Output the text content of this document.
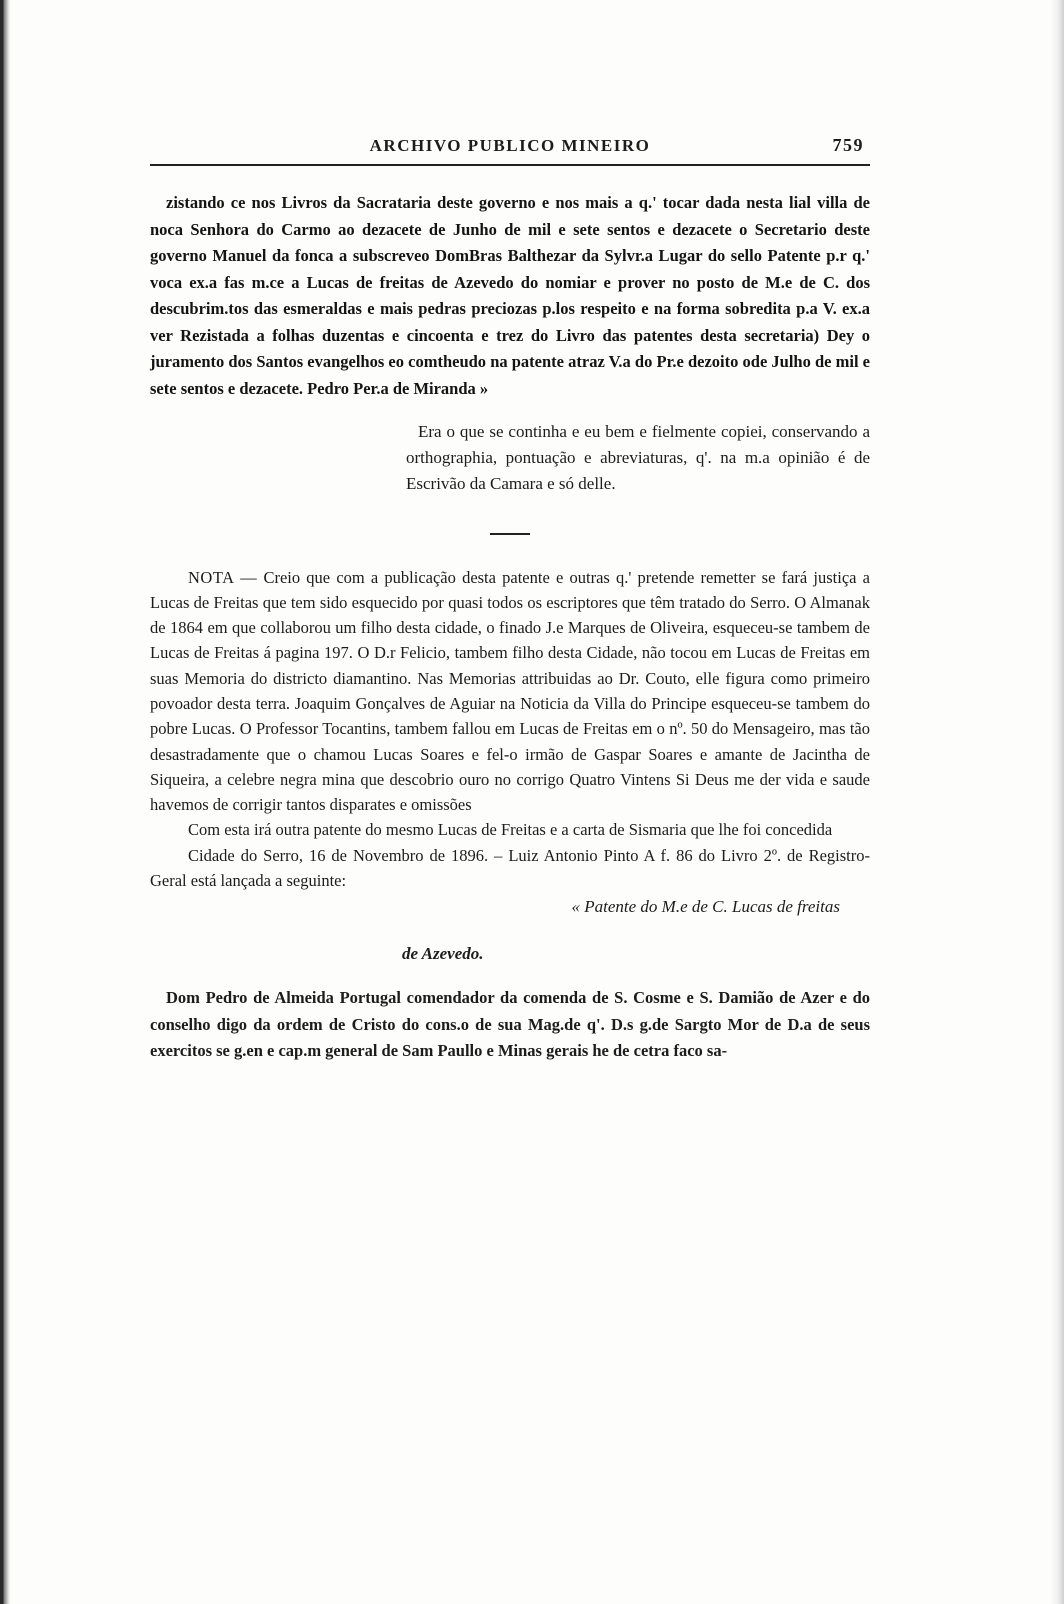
ARCHIVO PUBLICO MINEIRO	759

zistando ce nos Livros da Sacrataria deste governo e nos mais a q.' tocar dada nesta lial villa de noca Senhora do Carmo ao dezacete de Junho de mil e sete sentos e dezacete o Secretario deste governo Manuel da fonca a subscreveo DomBras Balthezar da Sylvr.a Lugar do sello Patente p.r q.' voca ex.a fas m.ce a Lucas de freitas de Azevedo do nomiar e prover no posto de M.e de C. dos descubrim.tos das esmeraldas e mais pedras preciozas p.los respeito e na forma sobredita p.a V. ex.a ver Rezistada a folhas duzentas e cincoenta e trez do Livro das patentes desta secretaria) Dey o juramento dos Santos evangelhos eo comtheudo na patente atraz V.a do Pr.e dezoito ode Julho de mil e sete sentos e dezacete. Pedro Per.a de Miranda »

Era o que se continha e eu bem e fielmente copiei, conservando a orthographia, pontuação e abreviaturas, q'. na m.a opinião é de Escrivão da Camara e só delle.

NOTA — Creio que com a publicação desta patente e outras q.' pretende remetter se fará justiça a Lucas de Freitas que tem sido esquecido por quasi todos os escriptores que têm tratado do Serro. O Almanak de 1864 em que collaborou um filho desta cidade, o finado J.e Marques de Oliveira, esqueceu-se tambem de Lucas de Freitas á pagina 197. O D.r Felicio, tambem filho desta Cidade, não tocou em Lucas de Freitas em suas Memoria do districto diamantino. Nas Memorias attribuidas ao Dr. Couto, elle figura como primeiro povoador desta terra. Joaquim Gonçalves de Aguiar na Noticia da Villa do Principe esqueceu-se tambem do pobre Lucas. O Professor Tocantins, tambem fallou em Lucas de Freitas em o nº. 50 do Mensageiro, mas tão desastradamente que o chamou Lucas Soares e fel-o irmão de Gaspar Soares e amante de Jacintha de Siqueira, a celebre negra mina que descobrio ouro no corrigo Quatro Vintens Si Deus me der vida e saude havemos de corrigir tantos disparates e omissões

Com esta irá outra patente do mesmo Lucas de Freitas e a carta de Sismaria que lhe foi concedida

Cidade do Serro, 16 de Novembro de 1896. – Luiz Antonio Pinto A f. 86 do Livro 2º. de Registro-Geral está lançada a seguinte:

« Patente do M.e de C. Lucas de freitas

de Azevedo.

Dom Pedro de Almeida Portugal comendador da comenda de S. Cosme e S. Damião de Azer e do conselho digo da ordem de Cristo do cons.o de sua Mag.de q'. D.s g.de Sargto Mor de D.a de seus exercitos se g.en e cap.m general de Sam Paullo e Minas gerais he de cetra faco sa-
